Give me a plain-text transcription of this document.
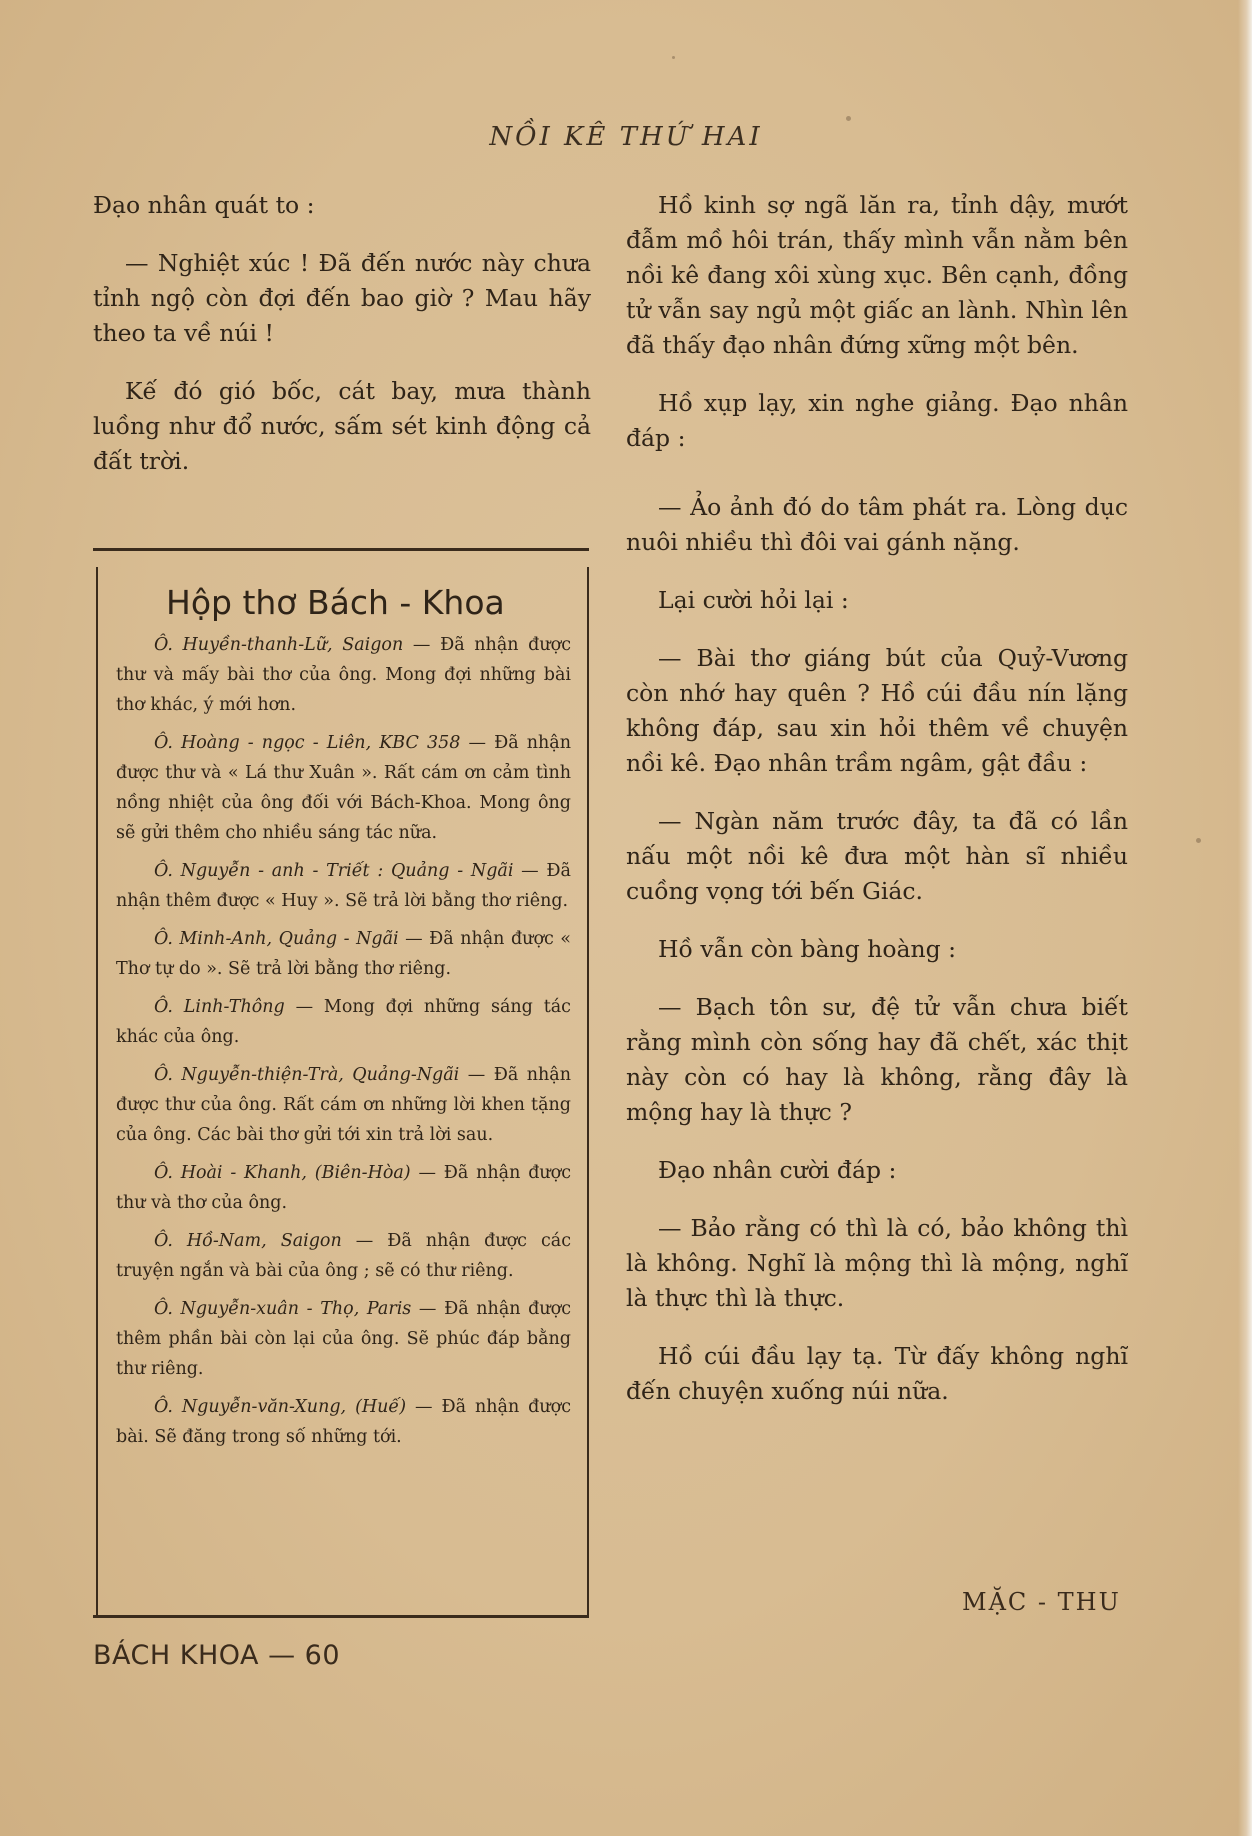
NỒI KÊ THỨ HAI

Đạo nhân quát to :

— Nghiệt xúc ! Đã đến nước này chưa tỉnh ngộ còn đợi đến bao giờ ? Mau hãy theo ta về núi !

Kế đó gió bốc, cát bay, mưa thành luồng như đổ nước, sấm sét kinh động cả đất trời.

Hộp thơ Bách - Khoa

Ô. Huyền-thanh-Lữ, Saigon — Đã nhận được thư và mấy bài thơ của ông. Mong đợi những bài thơ khác, ý mới hơn.

Ô. Hoàng - ngọc - Liên, KBC 358 — Đã nhận được thư và « Lá thư Xuân ». Rất cám ơn cảm tình nồng nhiệt của ông đối với Bách-Khoa. Mong ông sẽ gửi thêm cho nhiều sáng tác nữa.

Ô. Nguyễn - anh - Triết : Quảng - Ngãi — Đã nhận thêm được « Huy ». Sẽ trả lời bằng thơ riêng.

Ô. Minh-Anh, Quảng - Ngãi — Đã nhận được « Thơ tự do ». Sẽ trả lời bằng thơ riêng.

Ô. Linh-Thông — Mong đợi những sáng tác khác của ông.

Ô. Nguyễn-thiện-Trà, Quảng-Ngãi — Đã nhận được thư của ông. Rất cám ơn những lời khen tặng của ông. Các bài thơ gửi tới xin trả lời sau.

Ô. Hoài - Khanh, (Biên-Hòa) — Đã nhận được thư và thơ của ông.

Ô. Hồ-Nam, Saigon — Đã nhận được các truyện ngắn và bài của ông ; sẽ có thư riêng.

Ô. Nguyễn-xuân - Thọ, Paris — Đã nhận được thêm phần bài còn lại của ông. Sẽ phúc đáp bằng thư riêng.

Ô. Nguyễn-văn-Xung, (Huế) — Đã nhận được bài. Sẽ đăng trong số những tới.

Hồ kinh sợ ngã lăn ra, tỉnh dậy, mướt đẫm mồ hôi trán, thấy mình vẫn nằm bên nồi kê đang xôi xùng xục. Bên cạnh, đồng tử vẫn say ngủ một giấc an lành. Nhìn lên đã thấy đạo nhân đứng xững một bên.

Hồ xụp lạy, xin nghe giảng. Đạo nhân đáp :

— Ảo ảnh đó do tâm phát ra. Lòng dục nuôi nhiều thì đôi vai gánh nặng.

Lại cười hỏi lại :

— Bài thơ giáng bút của Quỷ-Vương còn nhớ hay quên ? Hồ cúi đầu nín lặng không đáp, sau xin hỏi thêm về chuyện nồi kê. Đạo nhân trầm ngâm, gật đầu :

— Ngàn năm trước đây, ta đã có lần nấu một nồi kê đưa một hàn sĩ nhiều cuồng vọng tới bến Giác.

Hồ vẫn còn bàng hoàng :

— Bạch tôn sư, đệ tử vẫn chưa biết rằng mình còn sống hay đã chết, xác thịt này còn có hay là không, rằng đây là mộng hay là thực ?

Đạo nhân cười đáp :

— Bảo rằng có thì là có, bảo không thì là không. Nghĩ là mộng thì là mộng, nghĩ là thực thì là thực.

Hồ cúi đầu lạy tạ. Từ đấy không nghĩ đến chuyện xuống núi nữa.

MẶC - THU
BÁCH KHOA — 60
